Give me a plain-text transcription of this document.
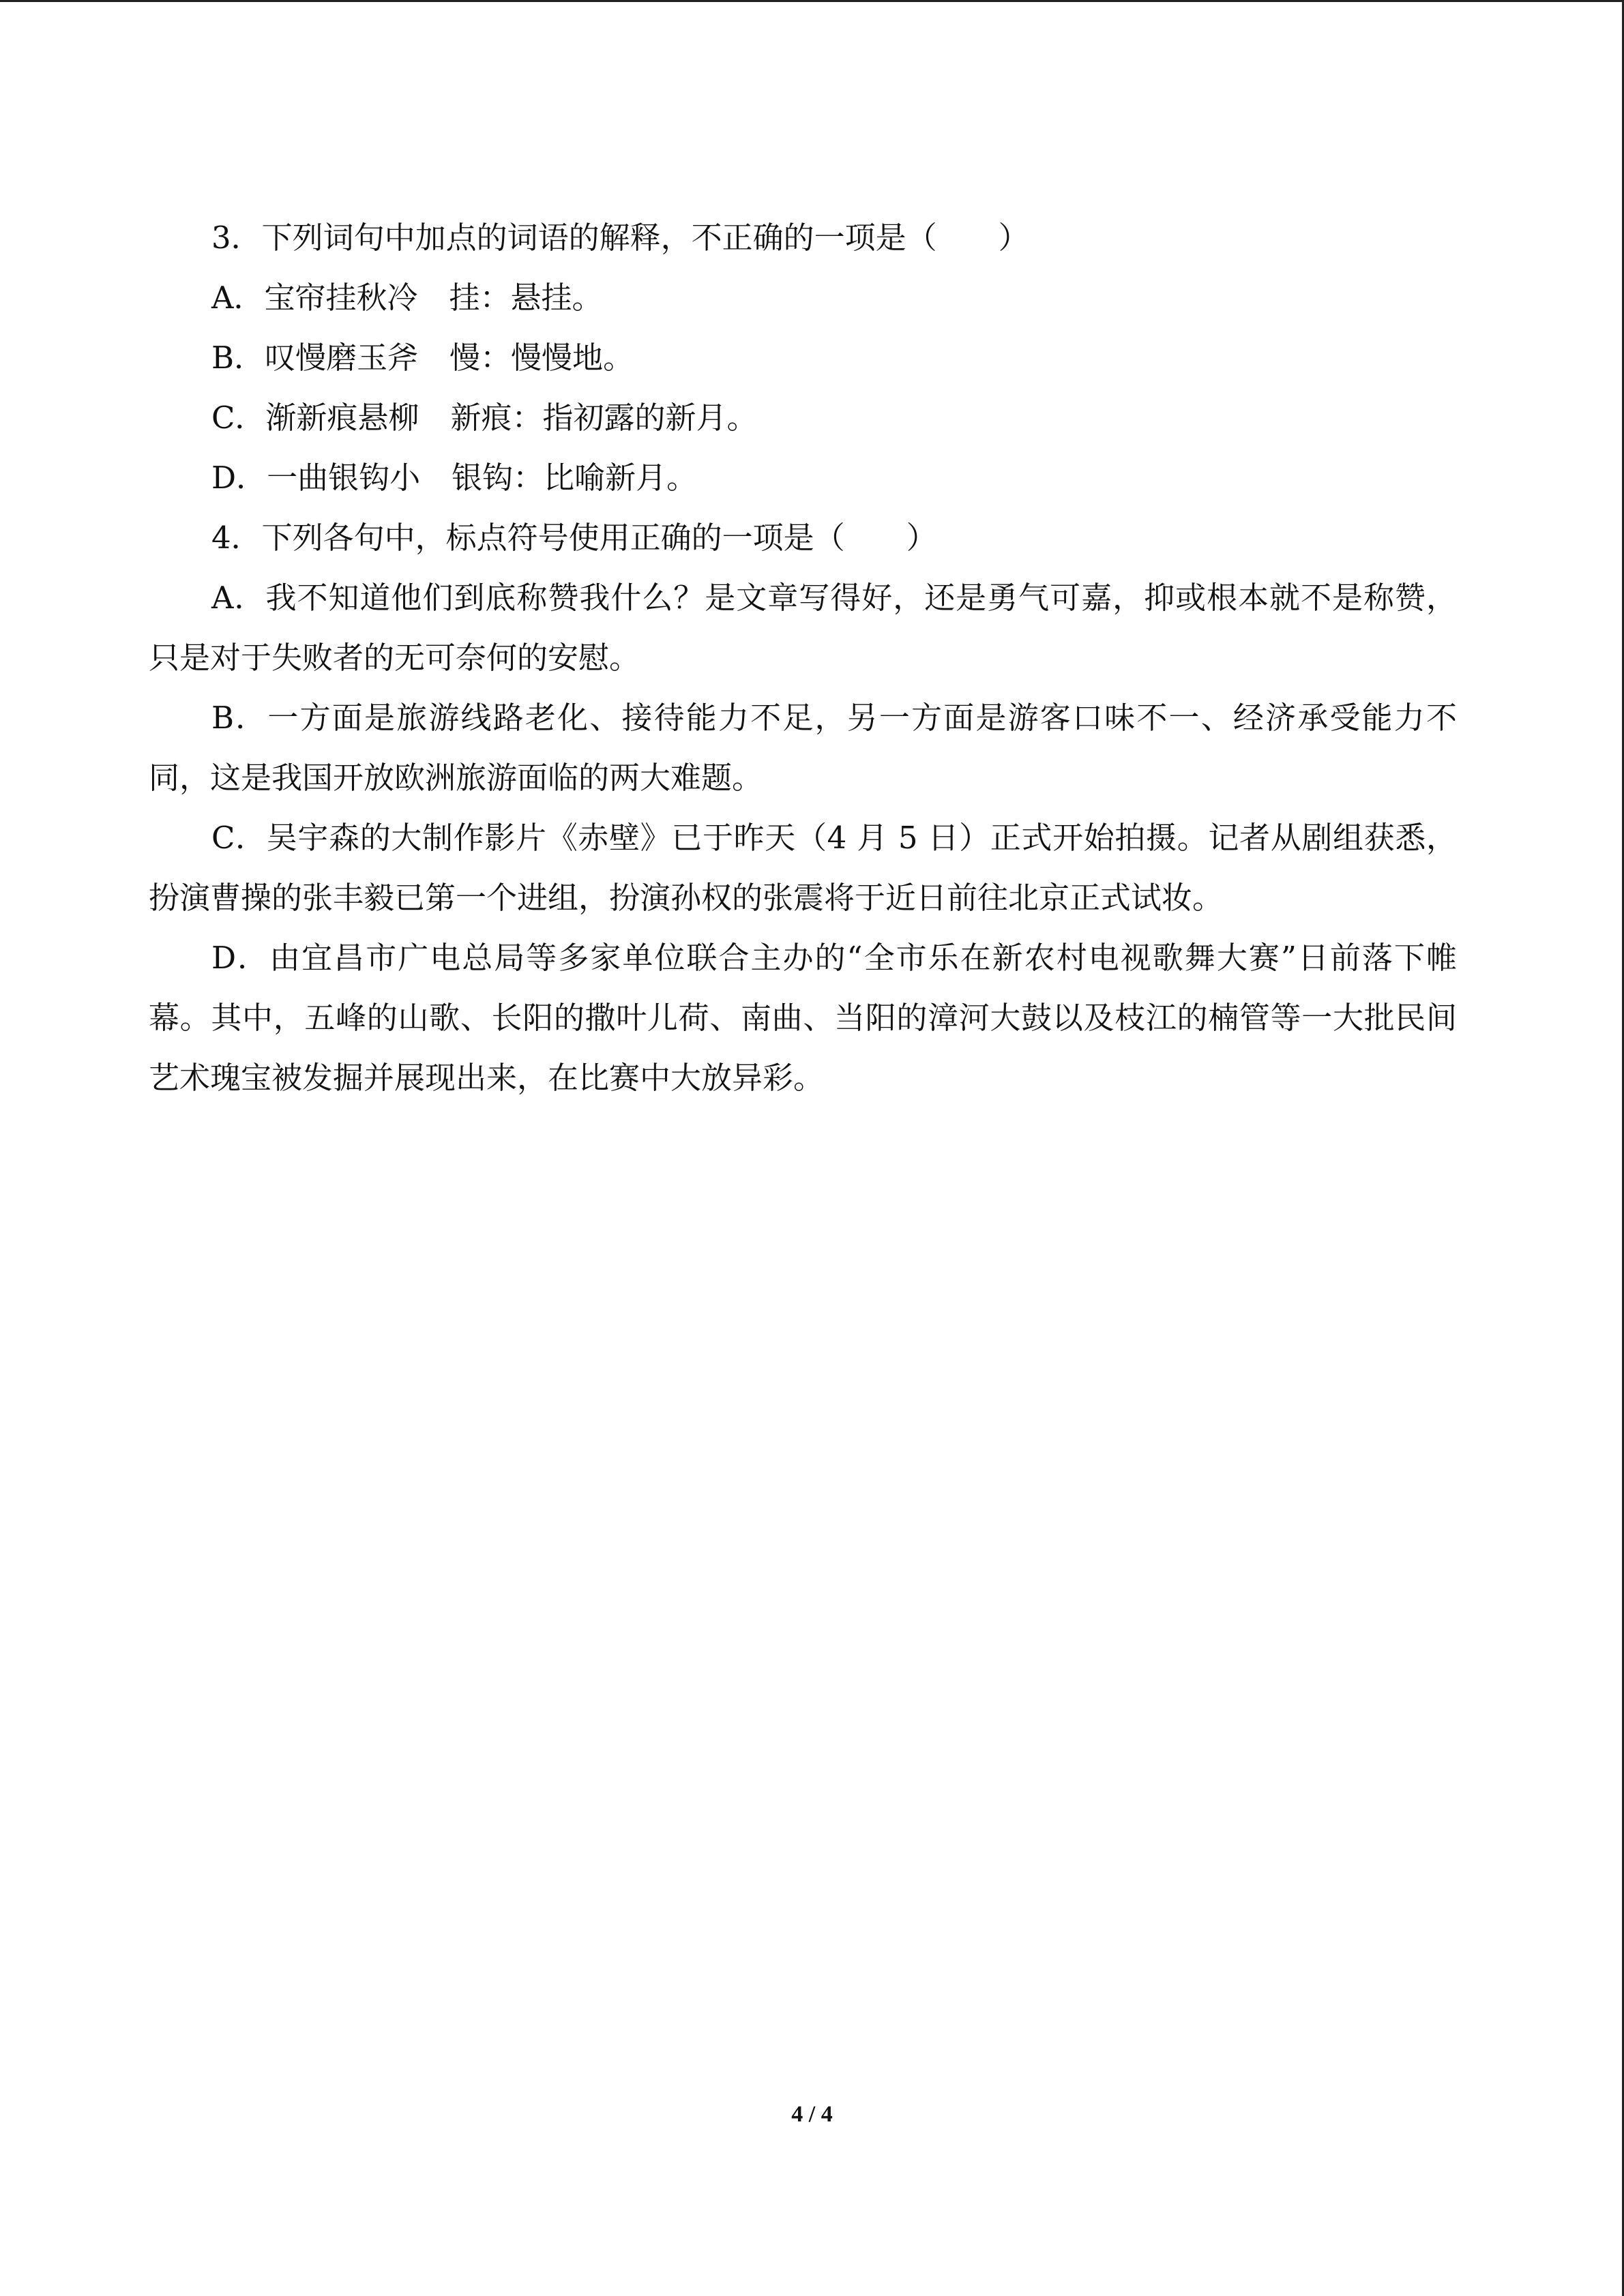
3．下列词句中加点的词语的解释，不正确的一项是（　　）
A．宝帘挂秋冷 挂：悬挂。
B．叹慢磨玉斧 慢：慢慢地。
C．渐新痕悬柳 新痕：指初露的新月。
D．一曲银钩小 银钩：比喻新月。
4．下列各句中，标点符号使用正确的一项是（　　）

A．我不知道他们到底称赞我什么？是文章写得好，还是勇气可嘉，抑或根本就不是称赞，只是对于失败者的无可奈何的安慰。

B．一方面是旅游线路老化、接待能力不足，另一方面是游客口味不一、经济承受能力不同，这是我国开放欧洲旅游面临的两大难题。

C．吴宇森的大制作影片《赤壁》已于昨天（4 月 5 日）正式开始拍摄。记者从剧组获悉，扮演曹操的张丰毅已第一个进组，扮演孙权的张震将于近日前往北京正式试妆。

D．由宜昌市广电总局等多家单位联合主办的“全市乐在新农村电视歌舞大赛”日前落下帷幕。其中，五峰的山歌、长阳的撒叶儿荷、南曲、当阳的漳河大鼓以及枝江的楠管等一大批民间艺术瑰宝被发掘并展现出来，在比赛中大放异彩。

4 / 4
